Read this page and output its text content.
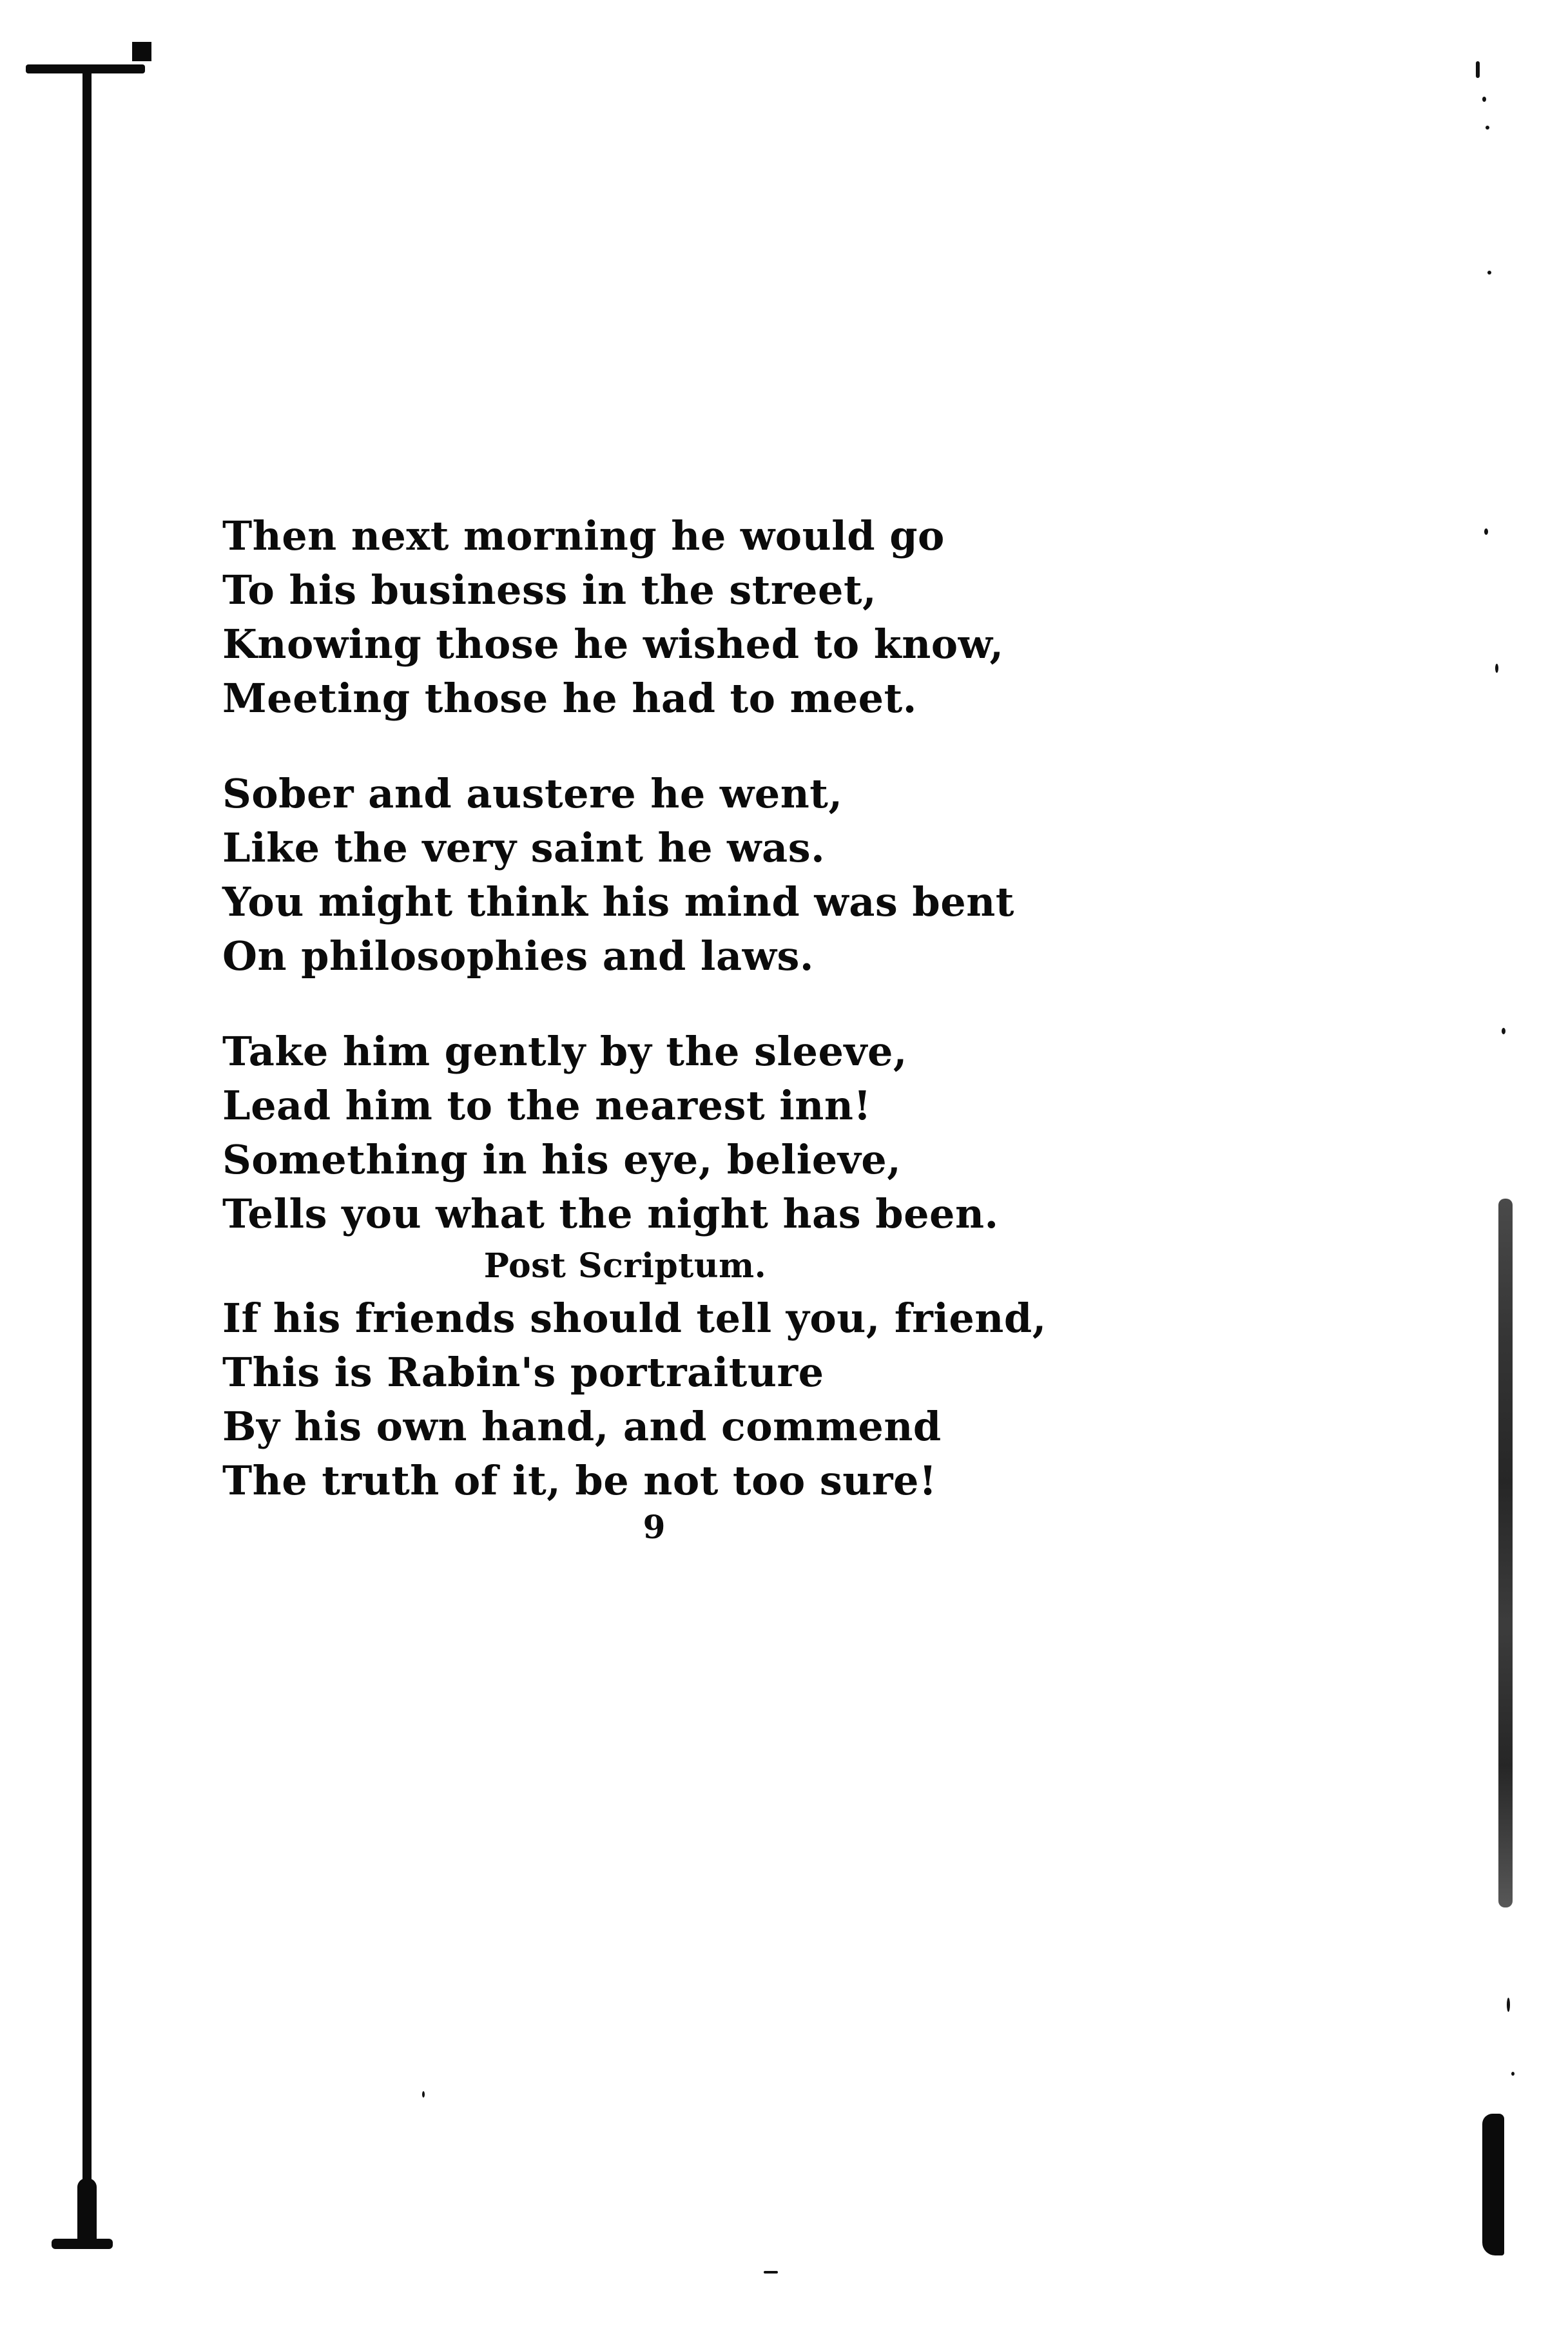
Then next morning he would go
To his business in the street,
Knowing those he wished to know,
Meeting those he had to meet.
Sober and austere he went,
Like the very saint he was.
You might think his mind was bent
On philosophies and laws.
Take him gently by the sleeve,
Lead him to the nearest inn!
Something in his eye, believe,
Tells you what the night has been.
Post Scriptum.
If his friends should tell you, friend,
This is Rabin's portraiture
By his own hand, and commend
The truth of it, be not too sure!
9
